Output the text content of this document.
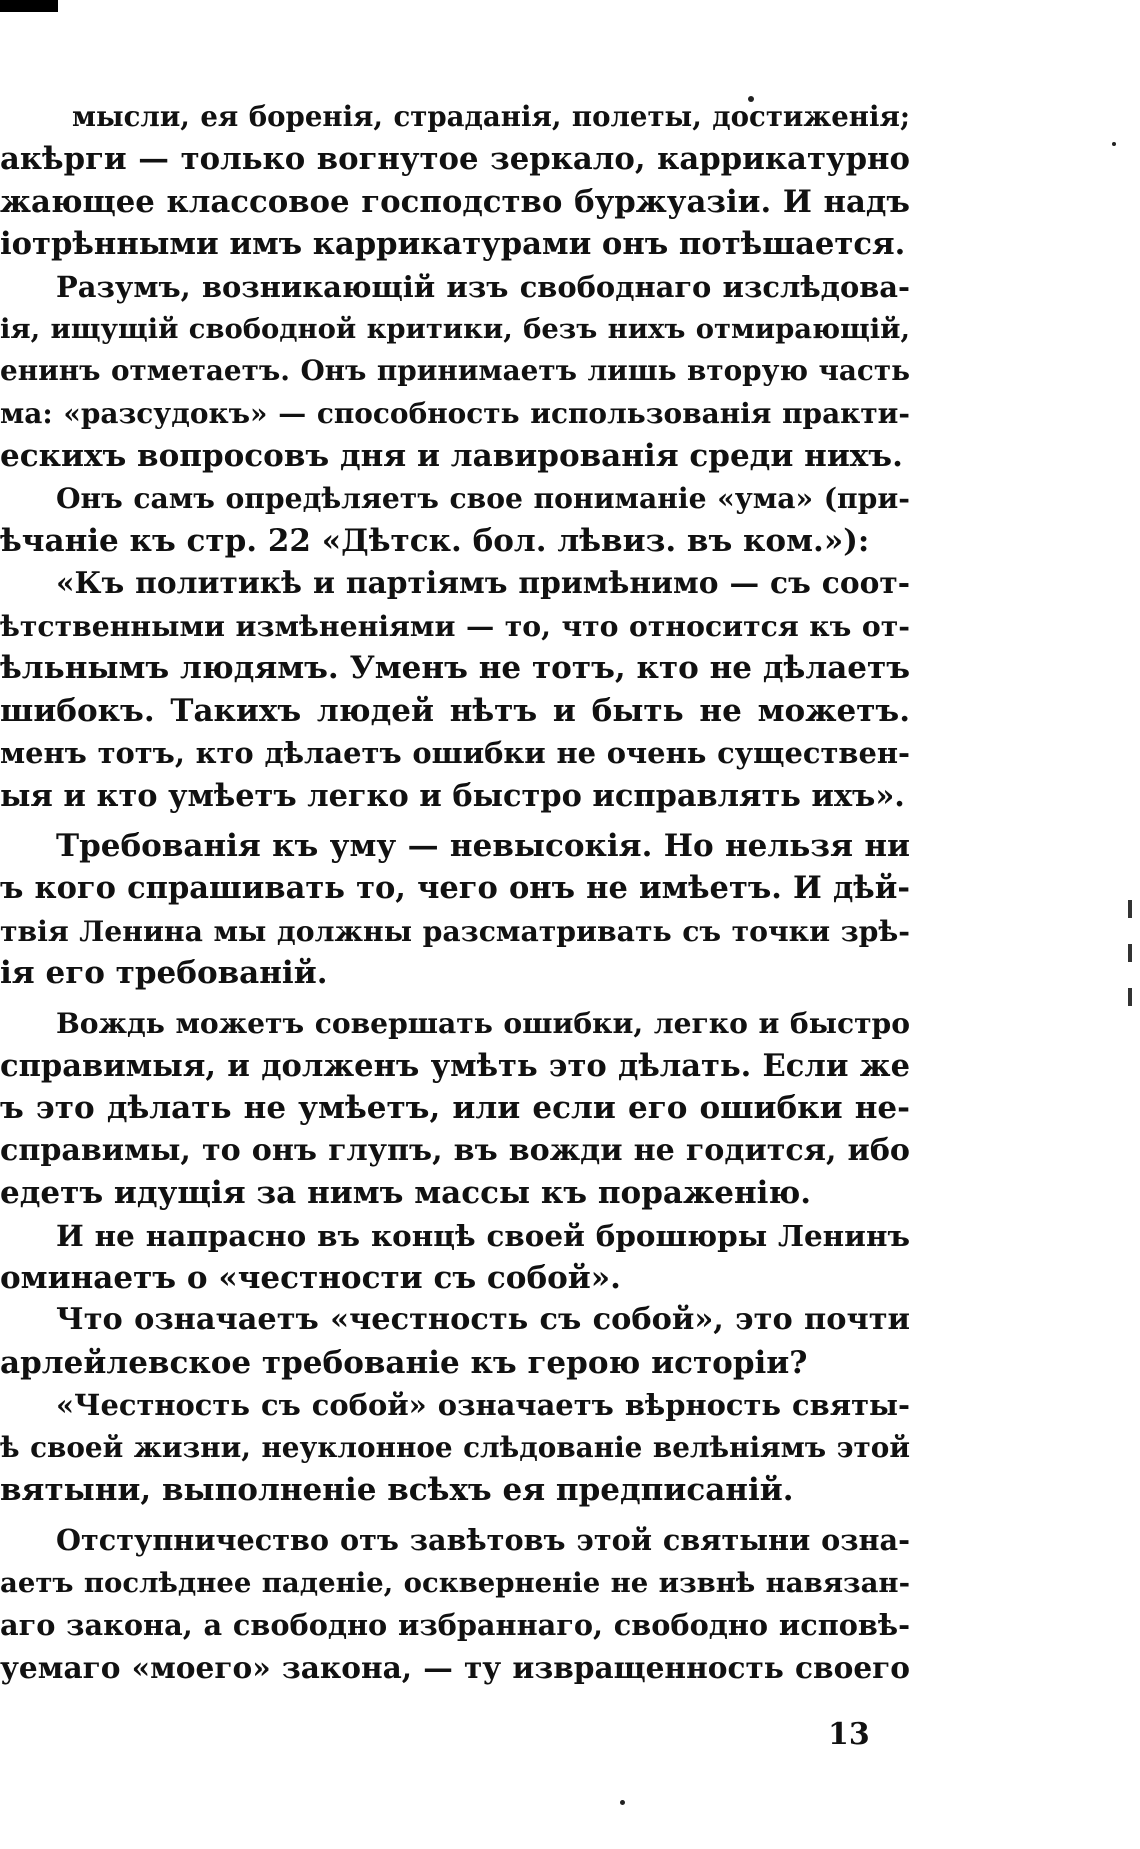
мысли, ея боренія, страданія, полеты, достиженія;
акѣрги — только вогнутое зеркало, каррикатурно
жающее классовое господство буржуазіи. И надъ
іотрѣнными имъ каррикатурами онъ потѣшается.
Разумъ, возникающій изъ свободнаго изслѣдова-
ія, ищущій свободной критики, безъ нихъ отмирающій,
енинъ отметаетъ. Онъ принимаетъ лишь вторую часть
ма: «разсудокъ» — способность использованія практи-
ескихъ вопросовъ дня и лавированія среди нихъ.
Онъ самъ опредѣляетъ свое пониманіе «ума» (при-
ѣчаніе къ стр. 22 «Дѣтск. бол. лѣвиз. въ ком.»):
«Къ политикѣ и партіямъ примѣнимо — съ соот-
ѣтственными измѣненіями — то, что относится къ от-
ѣльнымъ людямъ. Уменъ не тотъ, кто не дѣлаетъ
шибокъ. Такихъ людей нѣтъ и быть не можетъ.
менъ тотъ, кто дѣлаетъ ошибки не очень существен-
ыя и кто умѣетъ легко и быстро исправлять ихъ».
Требованія къ уму — невысокія. Но нельзя ни
ъ кого спрашивать то, чего онъ не имѣетъ. И дѣй-
твія Ленина мы должны разсматривать съ точки зрѣ-
ія его требованій.
Вождь можетъ совершать ошибки, легко и быстро
справимыя, и долженъ умѣть это дѣлать. Если же
ъ это дѣлать не умѣетъ, или если его ошибки не-
справимы, то онъ глупъ, въ вожди не годится, ибо
едетъ идущія за нимъ массы къ пораженію.
И не напрасно въ концѣ своей брошюры Ленинъ
оминаетъ о «честности съ собой».
Что означаетъ «честность съ собой», это почти
арлейлевское требованіе къ герою исторіи?
«Честность съ собой» означаетъ вѣрность святы-
ѣ своей жизни, неуклонное слѣдованіе велѣніямъ этой
вятыни, выполненіе всѣхъ ея предписаній.
Отступничество отъ завѣтовъ этой святыни озна-
аетъ послѣднее паденіе, оскверненіе не извнѣ навязан-
аго закона, а свободно избраннаго, свободно исповѣ-
уемаго «моего» закона, — ту извращенность своего
13
